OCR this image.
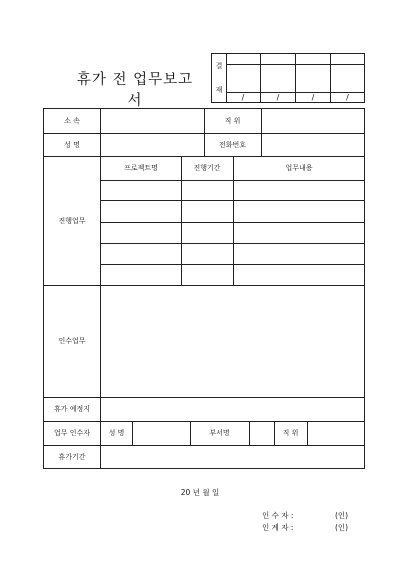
휴가 전 업무보고서
결
재
/	/	/	/
소 속	직 위
성 명	전화번호
진행업무
프로젝트명	진행기간	업무내용
인수업무
휴가 예정지
업무 인수자	성 명	부서명	직 위
휴가기간
20 년 월 일
인 수 자 :	(인)
인 계 자 :	(인)
